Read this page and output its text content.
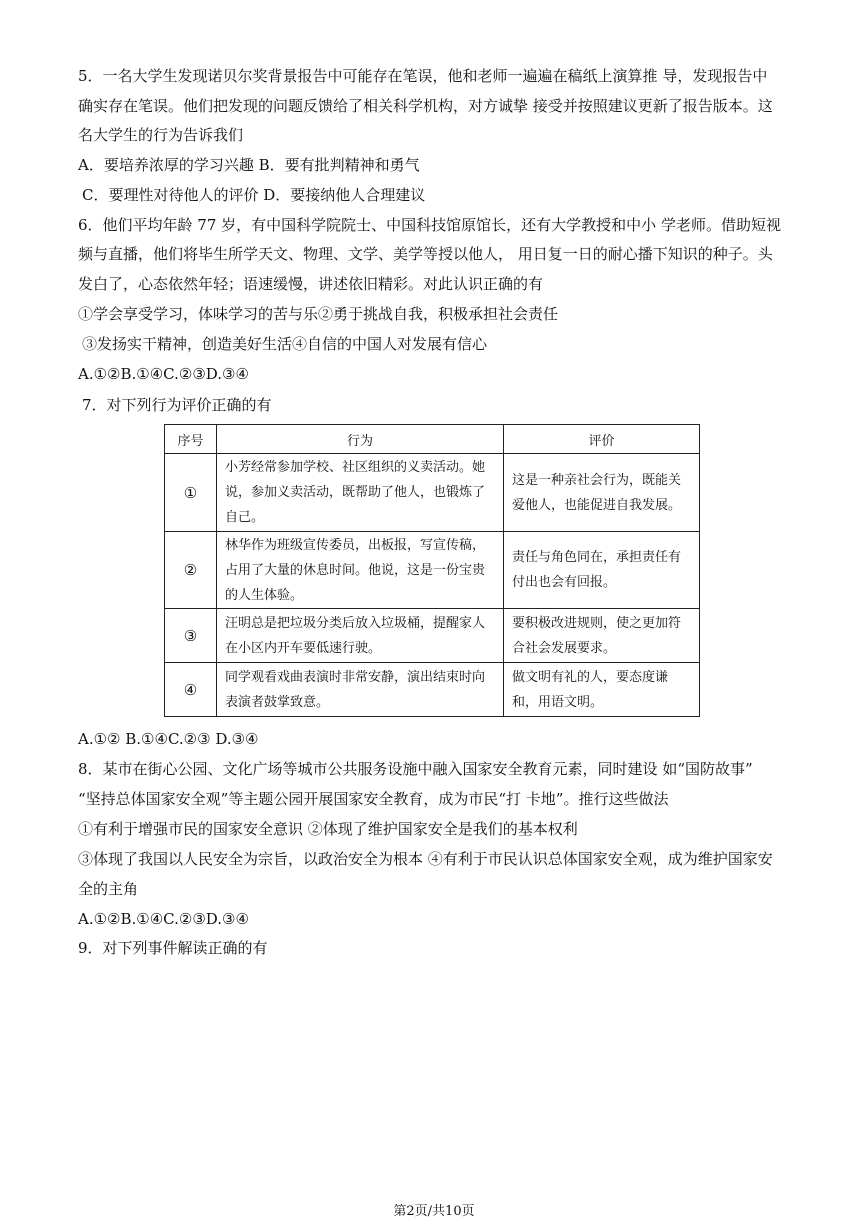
5．一名大学生发现诺贝尔奖背景报告中可能存在笔误，他和老师一遍遍在稿纸上演算推 导，发现报告中
确实存在笔误。他们把发现的问题反馈给了相关科学机构，对方诚挚 接受并按照建议更新了报告版本。这
名大学生的行为告诉我们
A．要培养浓厚的学习兴趣 B．要有批判精神和勇气
C．要理性对待他人的评价 D．要接纳他人合理建议
6．他们平均年龄 77 岁，有中国科学院院士、中国科技馆原馆长，还有大学教授和中小 学老师。借助短视
频与直播，他们将毕生所学天文、物理、文学、美学等授以他人， 用日复一日的耐心播下知识的种子。头
发白了，心态依然年轻；语速缓慢，讲述依旧精彩。对此认识正确的有
①学会享受学习，体味学习的苦与乐②勇于挑战自我，积极承担社会责任
③发扬实干精神，创造美好生活④自信的中国人对发展有信心
A.①②B.①④C.②③D.③④
7．对下列行为评价正确的有
序号	行为	评价
①	小芳经常参加学校、社区组织的义卖活动。她说，参加义卖活动，既帮助了他人，也锻炼了自己。	这是一种亲社会行为，既能关爱他人，也能促进自我发展。
②	林华作为班级宣传委员，出板报，写宣传稿，占用了大量的休息时间。他说，这是一份宝贵的人生体验。	责任与角色同在，承担责任有付出也会有回报。
③	汪明总是把垃圾分类后放入垃圾桶，提醒家人在小区内开车要低速行驶。	要积极改进规则，使之更加符合社会发展要求。
④	同学观看戏曲表演时非常安静，演出结束时向表演者鼓掌致意。	做文明有礼的人，要态度谦和，用语文明。
A.①② B.①④C.②③ D.③④
8．某市在街心公园、文化广场等城市公共服务设施中融入国家安全教育元素，同时建设 如“国防故事”
“坚持总体国家安全观”等主题公园开展国家安全教育，成为市民“打 卡地”。推行这些做法
①有利于增强市民的国家安全意识 ②体现了维护国家安全是我们的基本权利
③体现了我国以人民安全为宗旨，以政治安全为根本 ④有利于市民认识总体国家安全观，成为维护国家安
全的主角
A.①②B.①④C.②③D.③④
9．对下列事件解读正确的有
第2页/共10页
